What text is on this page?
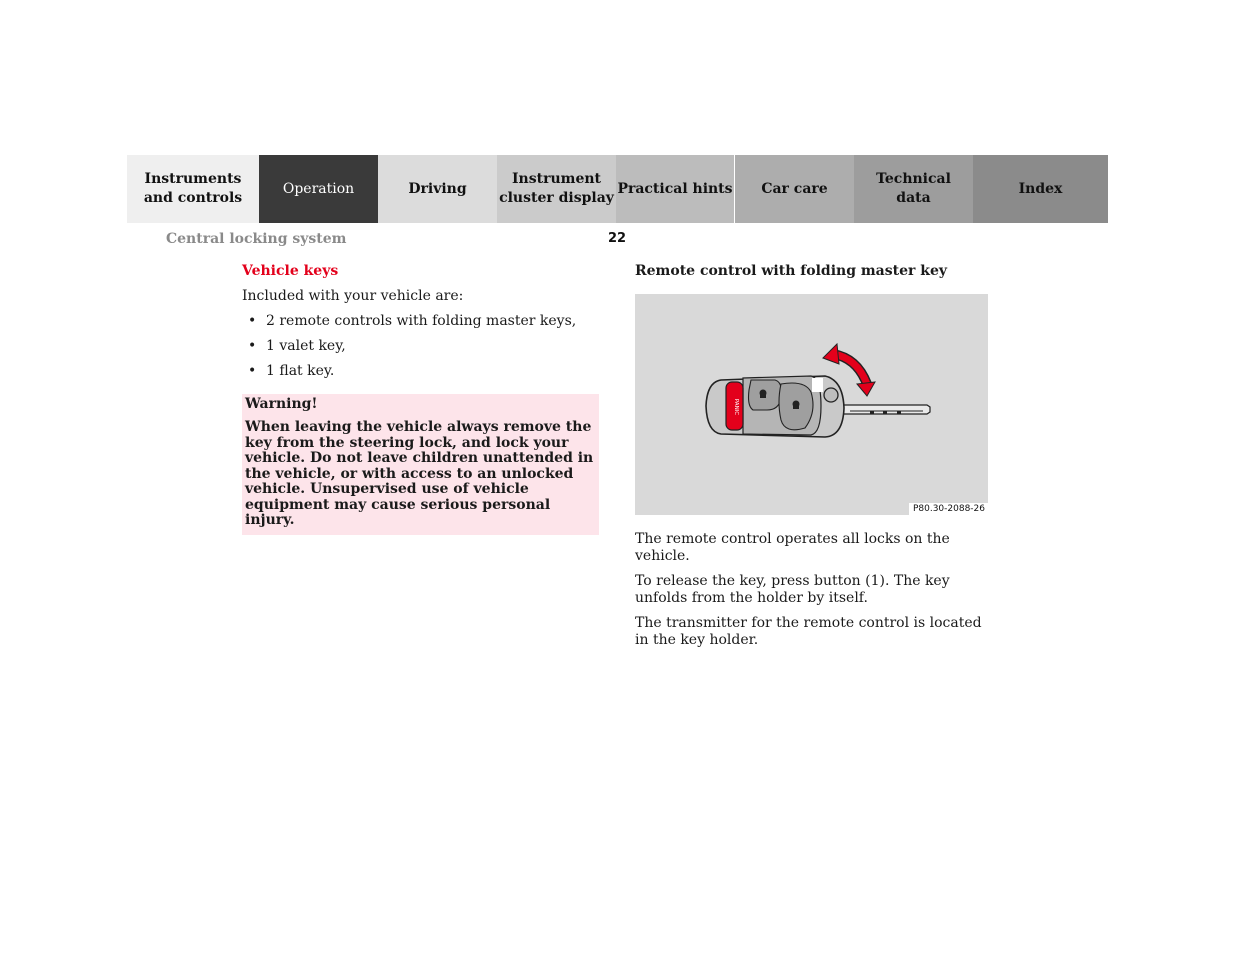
Instruments
and controls
Operation	Driving
Instrument
cluster display
Practical hints	Car care
Technical
data
Index
Central locking system	22
Vehicle keys

Included with your vehicle are:

• 2 remote controls with folding master keys,
• 1 valet key,
• 1 flat key.

Warning!

When leaving the vehicle always remove the key from the steering lock, and lock your vehicle. Do not leave children unattended in the vehicle, or with access to an unlocked vehicle. Unsupervised use of vehicle equipment may cause serious personal injury.

Remote control with folding master key
PANIC
P80.30-2088-26

The remote control operates all locks on the vehicle.

To release the key, press button (1). The key unfolds from the holder by itself.

The transmitter for the remote control is located in the key holder.
